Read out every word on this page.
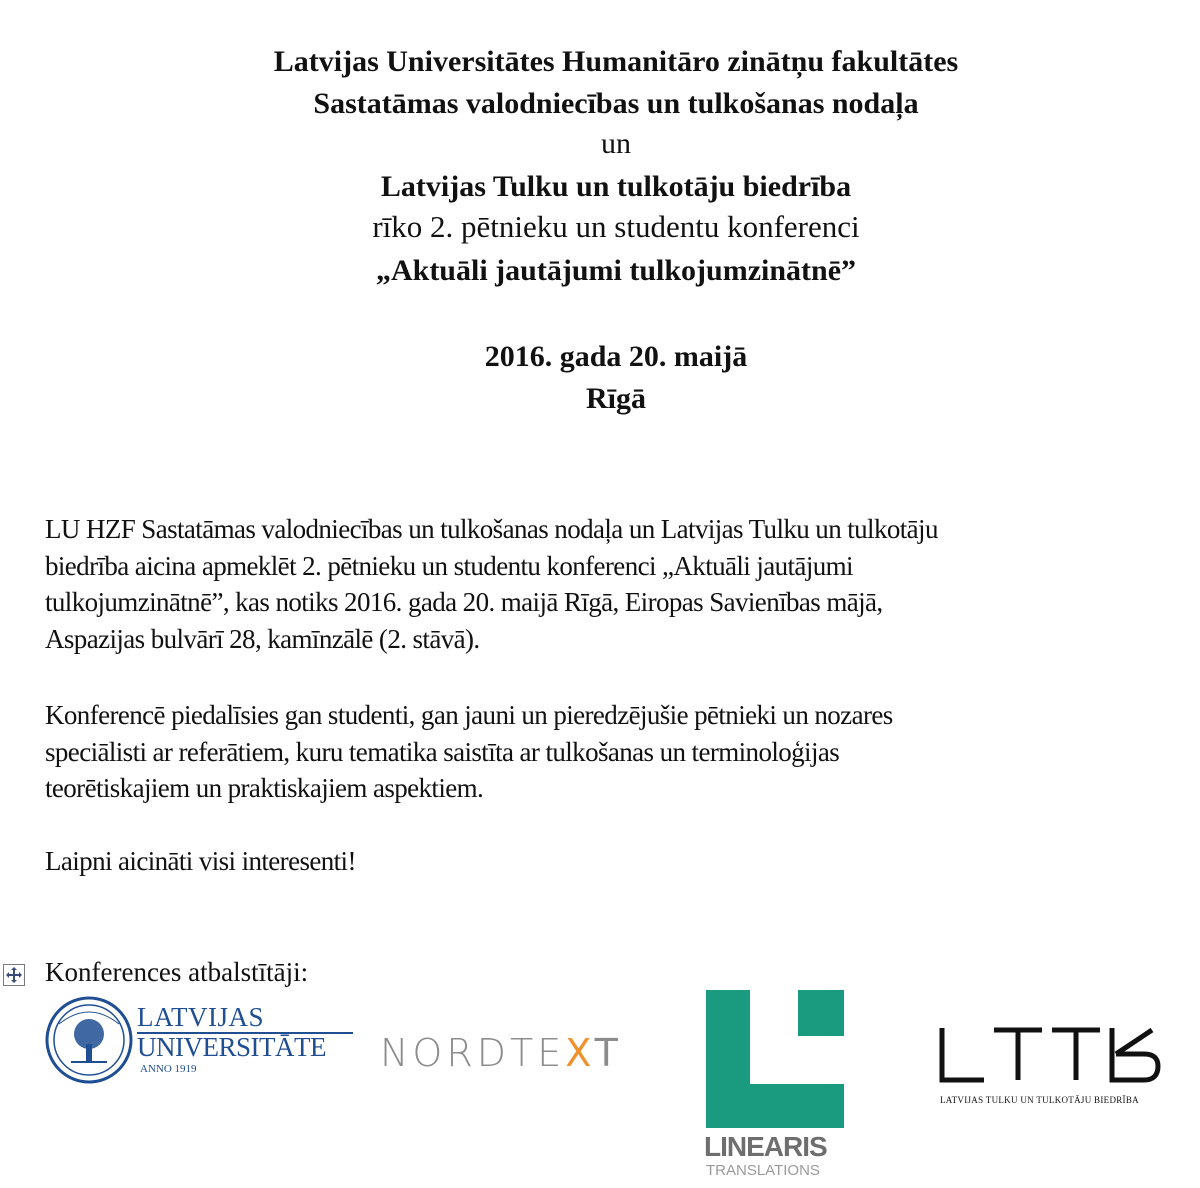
Latvijas Universitātes Humanitāro zinātņu fakultātes
Sastatāmas valodniecības un tulkošanas nodaļa
un
Latvijas Tulku un tulkotāju biedrība
rīko 2. pētnieku un studentu konferenci
„Aktuāli jautājumi tulkojumzinātnē”
2016. gada 20. maijā
Rīgā
LU HZF Sastatāmas valodniecības un tulkošanas nodaļa un Latvijas Tulku un tulkotāju
biedrība aicina apmeklēt 2. pētnieku un studentu konferenci „Aktuāli jautājumi
tulkojumzinātnē”, kas notiks 2016. gada 20. maijā Rīgā, Eiropas Savienības mājā,
Aspazijas bulvārī 28, kamīnzālē (2. stāvā).
Konferencē piedalīsies gan studenti, gan jauni un pieredzējušie pētnieki un nozares
speciālisti ar referātiem, kuru tematika saistīta ar tulkošanas un terminoloģijas
teorētiskajiem un praktiskajiem aspektiem.
Laipni aicināti visi interesenti!
Konferences atbalstītāji:
LATVIJAS
UNIVERSITĀTE
ANNO 1919	NORDTEXT
LINEARIS
TRANSLATIONS
LATVIJAS TULKU UN TULKOTĀJU BIEDRĪBA
